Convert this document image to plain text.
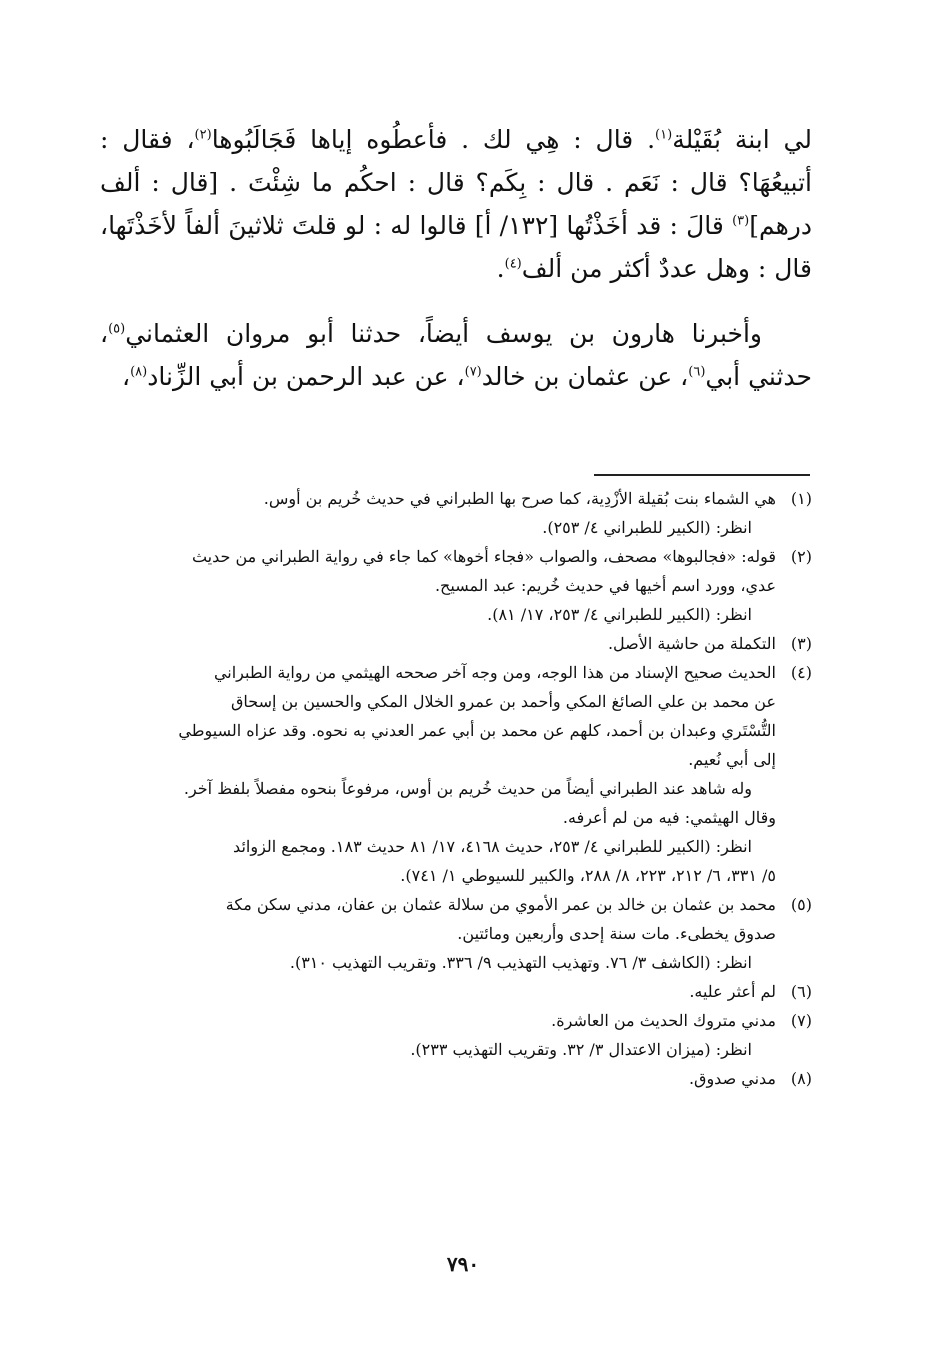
لي ابنة بُقَيْلة$^{(١)}$. قال : هِي لك . فأعطُوه إياها فَجَالَبُوها$^{(٢)}$، فقال : أتبيعُهَا؟ قال : نَعَم . قال : بِكَم؟ قال : احكُم ما شِئْتَ . [قال : ألف درهم]$^{(٣)}$ قالَ : قد أخَذْتُها [١٣٢/ أ] قالوا له : لو قلتَ ثلاثينَ ألفاً لأخَذْتَها، قال : وهل عددٌ أكثر من ألف$^{(٤)}$.

وأخبرنا هارون بن يوسف أيضاً، حدثنا أبو مروان العثماني$^{(٥)}$، حدثني أبي$^{(٦)}$، عن عثمان بن خالد$^{(٧)}$، عن عبد الرحمن بن أبي الزِّناد$^{(٨)}$،

(١)
هي الشماء بنت بُقيلة الأزْدِية، كما صرح بها الطبراني في حديث خُريم بن أوس.
انظر: (الكبير للطبراني ٤/ ٢٥٣).
(٢)
قوله: «فجالبوها» مصحف، والصواب «فجاء أخوها» كما جاء في رواية الطبراني من حديث
عدي، وورد اسم أخيها في حديث خُريم: عبد المسيح.
انظر: (الكبير للطبراني ٤/ ٢٥٣، ١٧/ ٨١).
(٣)
التكملة من حاشية الأصل.
(٤)
الحديث صحيح الإسناد من هذا الوجه، ومن وجه آخر صححه الهيثمي من رواية الطبراني
عن محمد بن علي الصائغ المكي وأحمد بن عمرو الخلال المكي والحسين بن إسحاق
التُّسْتَري وعبدان بن أحمد، كلهم عن محمد بن أبي عمر العدني به نحوه. وقد عزاه السيوطي
إلى أبي نُعيم.
وله شاهد عند الطبراني أيضاً من حديث خُريم بن أوس، مرفوعاً بنحوه مفصلاً بلفظ آخر.
وقال الهيثمي: فيه من لم أعرفه.
انظر: (الكبير للطبراني ٤/ ٢٥٣، حديث ٤١٦٨، ١٧/ ٨١ حديث ١٨٣. ومجمع الزوائد
٥/ ٣٣١، ٦/ ٢١٢، ٢٢٣، ٨/ ٢٨٨، والكبير للسيوطي ١/ ٧٤١).
(٥)
محمد بن عثمان بن خالد بن عمر الأموي من سلالة عثمان بن عفان، مدني سكن مكة
صدوق يخطىء. مات سنة إحدى وأربعين ومائتين.
انظر: (الكاشف ٣/ ٧٦. وتهذيب التهذيب ٩/ ٣٣٦. وتقريب التهذيب ٣١٠).
(٦)
لم أعثر عليه.
(٧)
مدني متروك الحديث من العاشرة.
انظر: (ميزان الاعتدال ٣/ ٣٢. وتقريب التهذيب ٢٣٣).
(٨)
مدني صدوق.
٧٩٠
